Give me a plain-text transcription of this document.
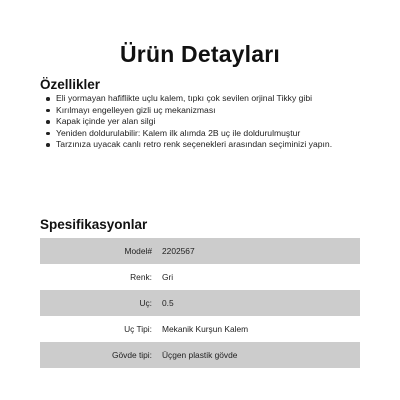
Ürün Detayları
Özellikler
Eli yormayan hafiflikte uçlu kalem, tıpkı çok sevilen orjinal Tikky gibi
Kırılmayı engelleyen gizli uç mekanizması
Kapak içinde yer alan silgi
Yeniden doldurulabilir: Kalem ilk alımda 2B uç ile doldurulmuştur
Tarzınıza uyacak canlı retro renk seçenekleri arasından seçiminizi yapın.
Spesifikasyonlar
Model#	2202567
Renk:	Gri
Uç:	0.5
Uç Tipi:	Mekanik Kurşun Kalem
Gövde tipi:	Üçgen plastik gövde
